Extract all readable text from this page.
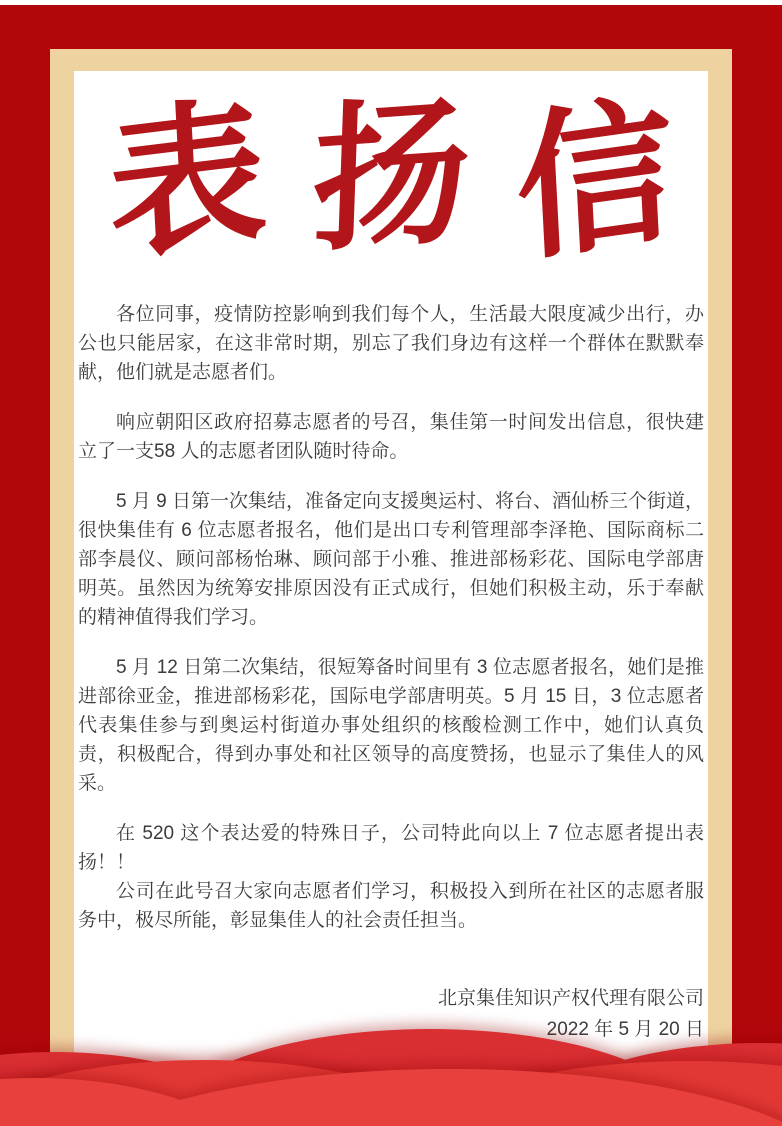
表 扬 信

各位同事，疫情防控影响到我们每个人，生活最大限度减少出行，办公也只能居家，在这非常时期，别忘了我们身边有这样一个群体在默默奉献，他们就是志愿者们。

响应朝阳区政府招募志愿者的号召，集佳第一时间发出信息，很快建立了一支58 人的志愿者团队随时待命。

5 月 9 日第一次集结，准备定向支援奥运村、将台、酒仙桥三个街道，很快集佳有 6 位志愿者报名，他们是出口专利管理部李泽艳、国际商标二部李晨仪、顾问部杨怡琳、顾问部于小雅、推进部杨彩花、国际电学部唐明英。虽然因为统筹安排原因没有正式成行，但她们积极主动，乐于奉献的精神值得我们学习。

5 月 12 日第二次集结，很短筹备时间里有 3 位志愿者报名，她们是推进部徐亚金，推进部杨彩花，国际电学部唐明英。5 月 15 日，3 位志愿者代表集佳参与到奥运村街道办事处组织的核酸检测工作中，她们认真负责，积极配合，得到办事处和社区领导的高度赞扬，也显示了集佳人的风采。

在 520 这个表达爱的特殊日子，公司特此向以上 7 位志愿者提出表扬！！

公司在此号召大家向志愿者们学习，积极投入到所在社区的志愿者服务中，极尽所能，彰显集佳人的社会责任担当。

北京集佳知识产权代理有限公司
2022 年 5 月 20 日
